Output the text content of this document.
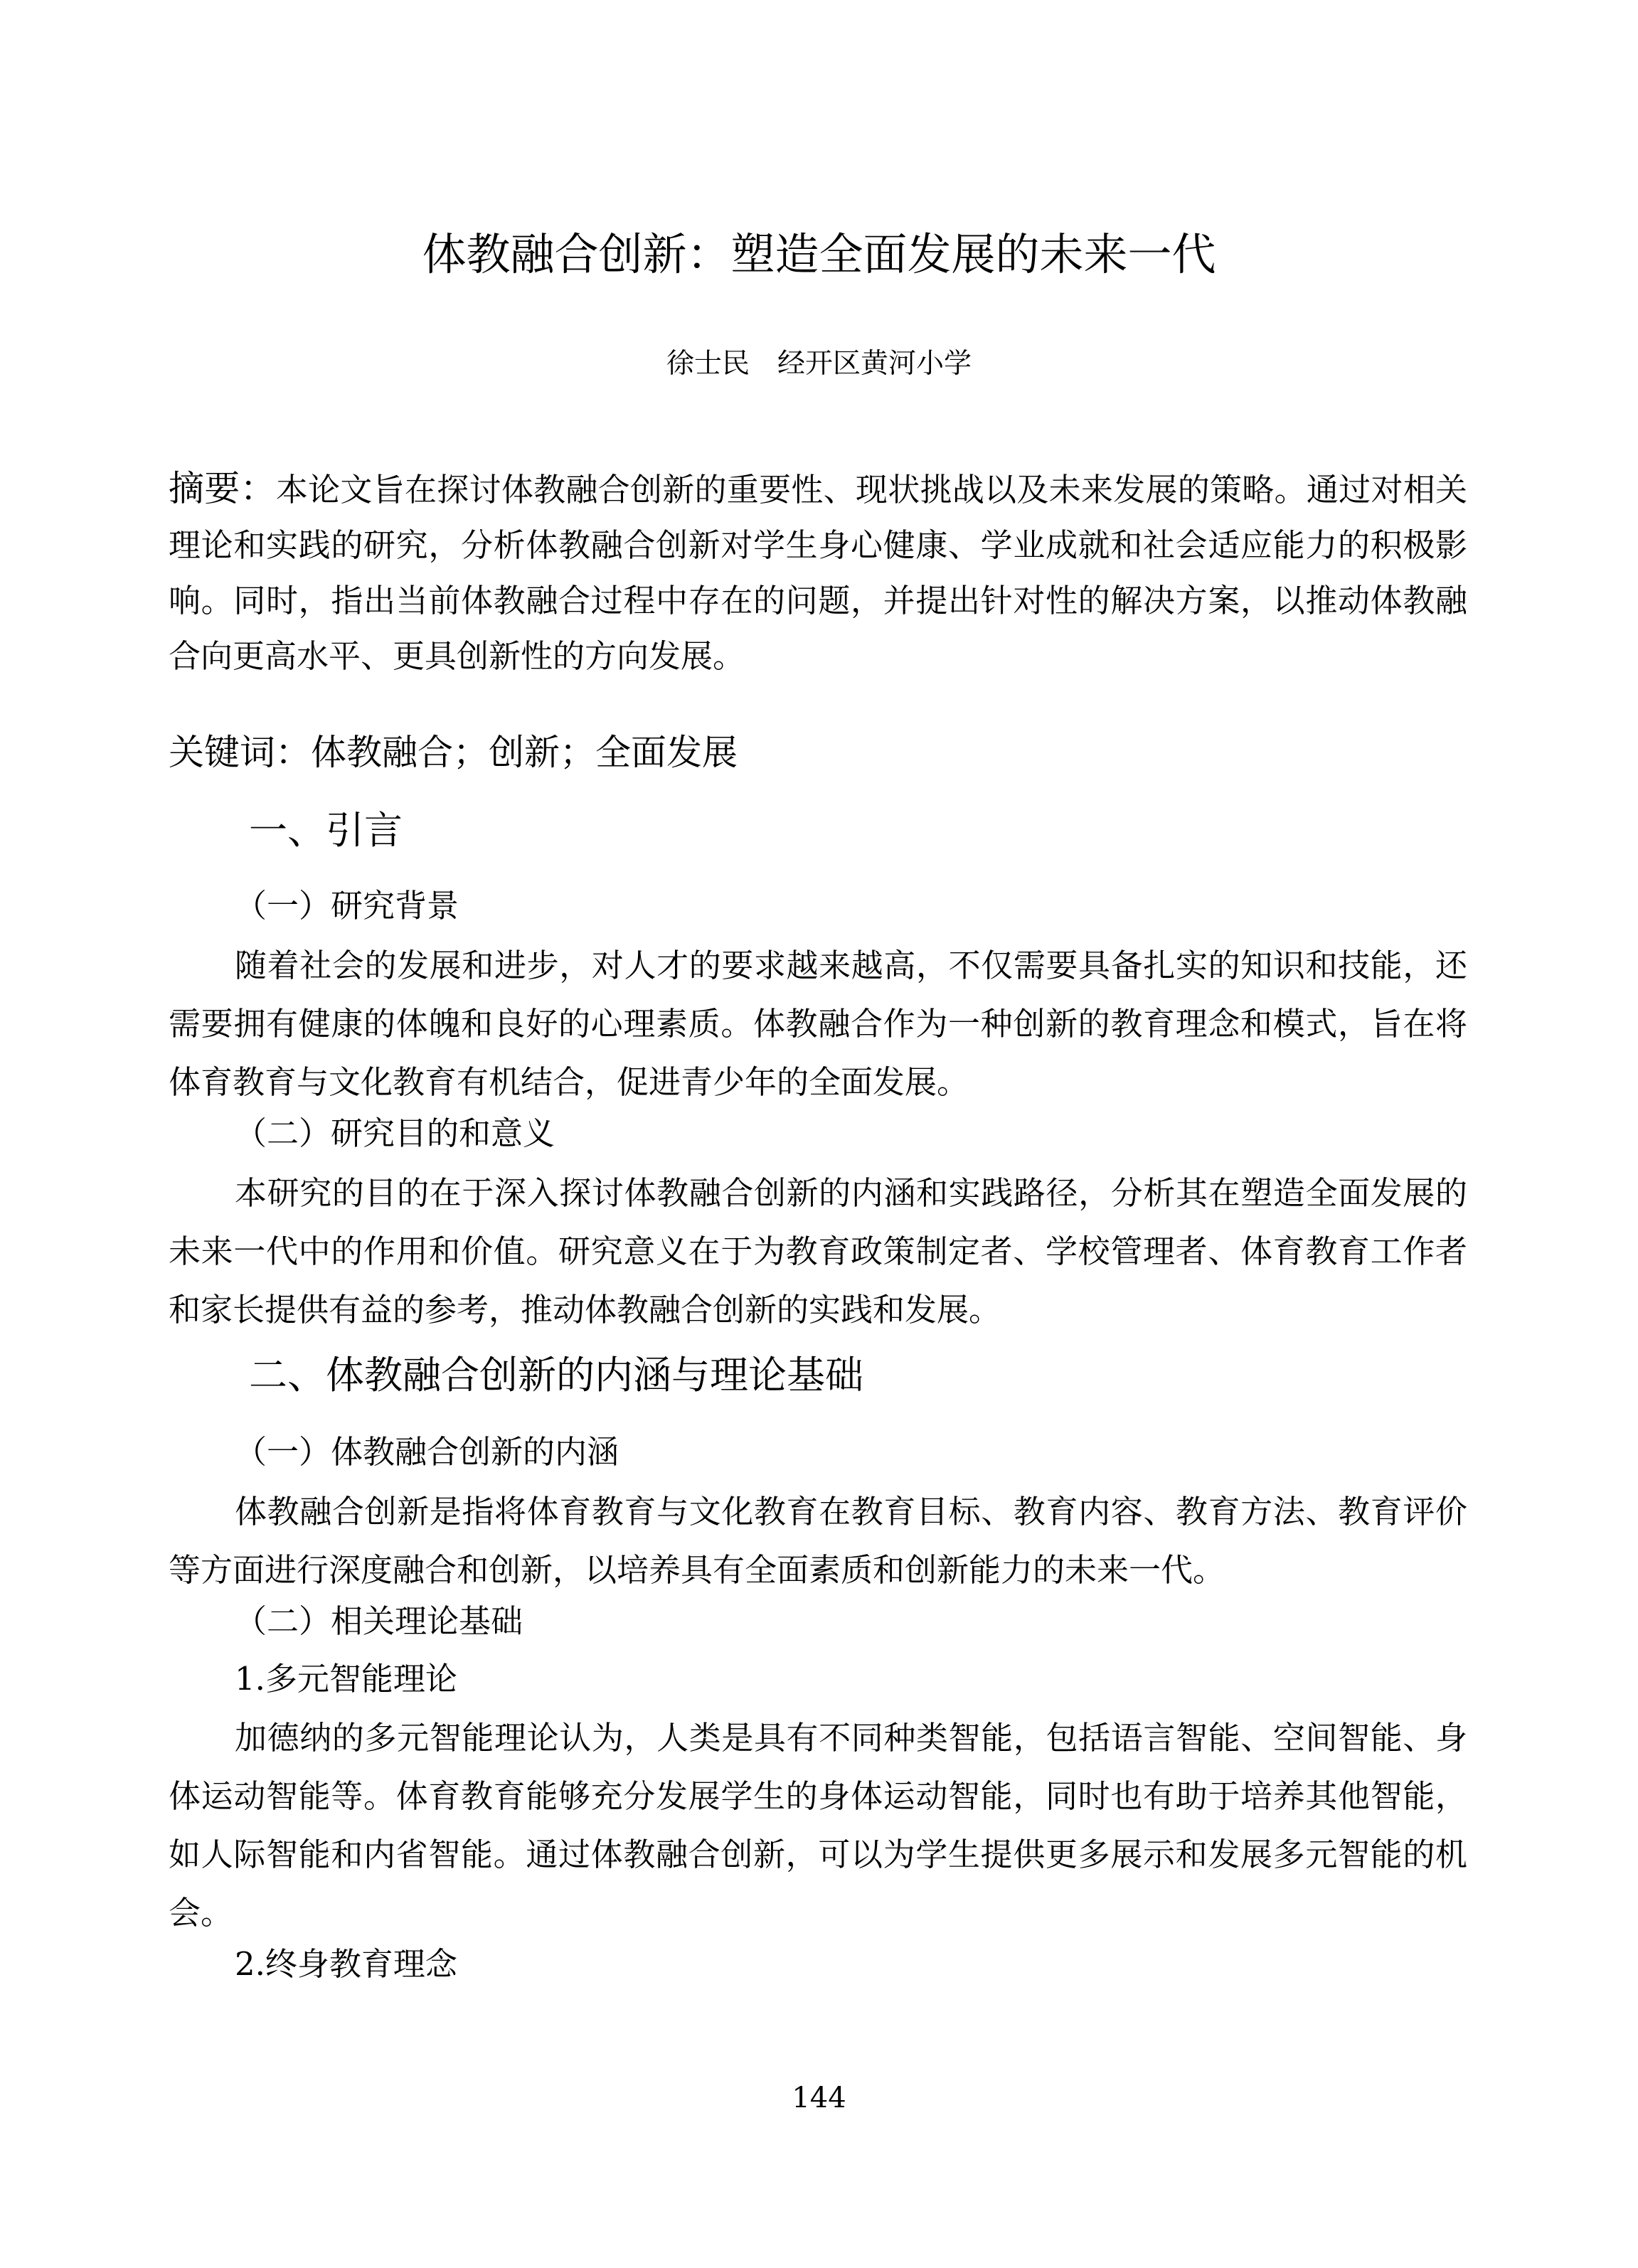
体教融合创新：塑造全面发展的未来一代
徐士民　经开区黄河小学

摘要：本论文旨在探讨体教融合创新的重要性、现状挑战以及未来发展的策略。通过对相关理论和实践的研究，分析体教融合创新对学生身心健康、学业成就和社会适应能力的积极影响。同时，指出当前体教融合过程中存在的问题，并提出针对性的解决方案，以推动体教融合向更高水平、更具创新性的方向发展。

关键词：体教融合；创新；全面发展
一、引言
（一）研究背景

随着社会的发展和进步，对人才的要求越来越高，不仅需要具备扎实的知识和技能，还需要拥有健康的体魄和良好的心理素质。体教融合作为一种创新的教育理念和模式，旨在将体育教育与文化教育有机结合，促进青少年的全面发展。

（二）研究目的和意义

本研究的目的在于深入探讨体教融合创新的内涵和实践路径，分析其在塑造全面发展的未来一代中的作用和价值。研究意义在于为教育政策制定者、学校管理者、体育教育工作者和家长提供有益的参考，推动体教融合创新的实践和发展。

二、体教融合创新的内涵与理论基础
（一）体教融合创新的内涵

体教融合创新是指将体育教育与文化教育在教育目标、教育内容、教育方法、教育评价等方面进行深度融合和创新，以培养具有全面素质和创新能力的未来一代。

（二）相关理论基础
1.多元智能理论

加德纳的多元智能理论认为，人类是具有不同种类智能，包括语言智能、空间智能、身体运动智能等。体育教育能够充分发展学生的身体运动智能，同时也有助于培养其他智能，如人际智能和内省智能。通过体教融合创新，可以为学生提供更多展示和发展多元智能的机会。

2.终身教育理念
144
